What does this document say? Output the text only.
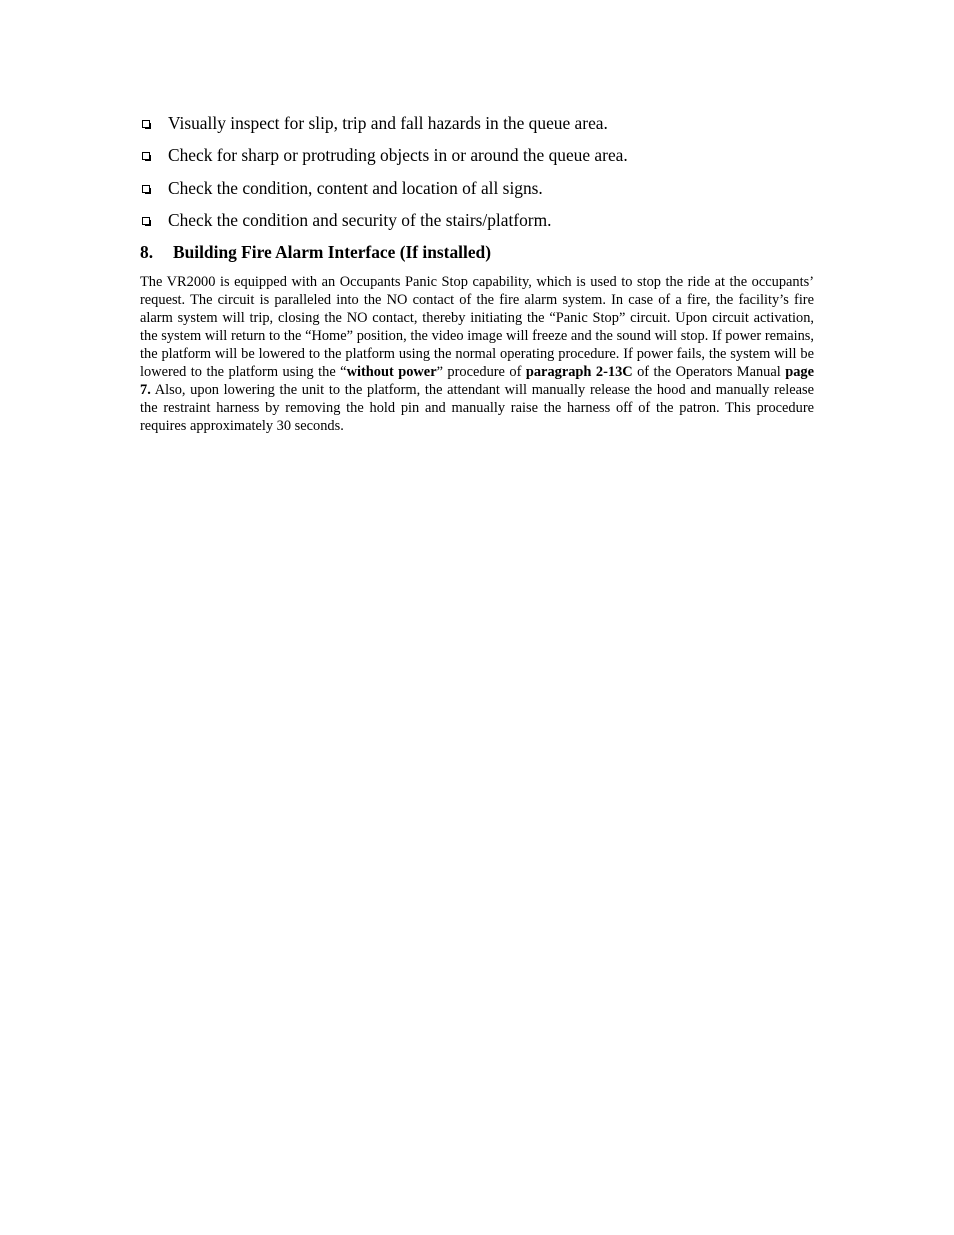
Visually inspect for slip, trip and fall hazards in the queue area.
Check for sharp or protruding objects in or around the queue area.
Check the condition, content and location of all signs.
Check the condition and security of the stairs/platform.
8. Building Fire Alarm Interface (If installed)

The VR2000 is equipped with an Occupants Panic Stop capability, which is used to stop the ride at the occupants’ request. The circuit is paralleled into the NO contact of the fire alarm system. In case of a fire, the facility’s fire alarm system will trip, closing the NO contact, thereby initiating the “Panic Stop” circuit. Upon circuit activation, the system will return to the “Home” position, the video image will freeze and the sound will stop. If power remains, the platform will be lowered to the platform using the normal operating procedure. If power fails, the system will be lowered to the platform using the “without power” procedure of paragraph 2-13C of the Operators Manual page 7. Also, upon lowering the unit to the platform, the attendant will manually release the hood and manually release the restraint harness by removing the hold pin and manually raise the harness off of the patron. This procedure requires approximately 30 seconds.
